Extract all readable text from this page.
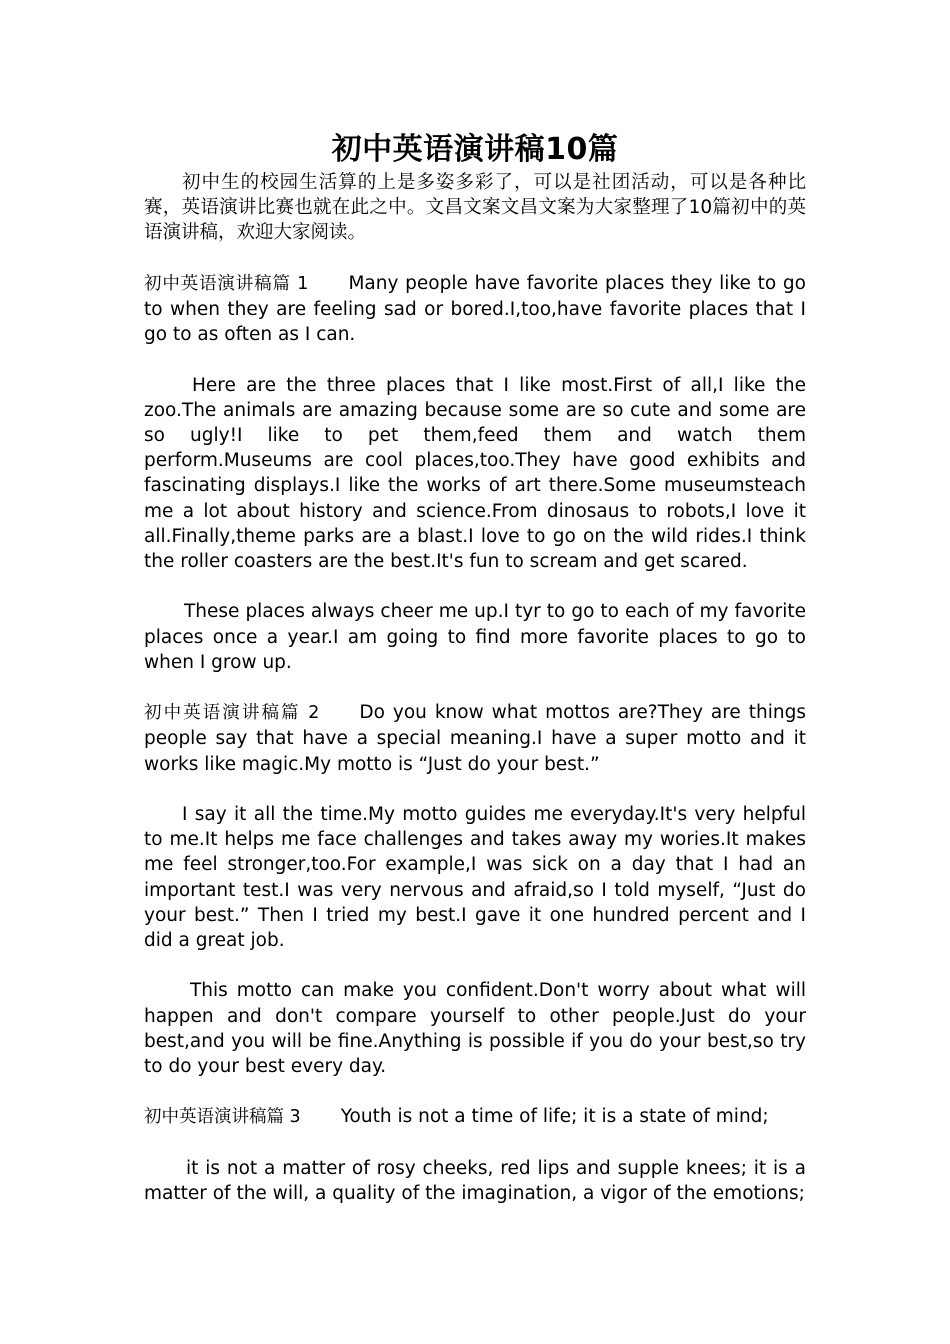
初中英语演讲稿10篇

初中生的校园生活算的上是多姿多彩了，可以是社团活动，可以是各种比赛，英语演讲比赛也就在此之中。文昌文案文昌文案为大家整理了10篇初中的英语演讲稿，欢迎大家阅读。

初中英语演讲稿篇 1 Many people have favorite places they like to go to when they are feeling sad or bored.I,too,have favorite places that I go to as often as I can.

Here are the three places that I like most.First of all,I like the zoo.The animals are amazing because some are so cute and some are so ugly!I like to pet them,feed them and watch them perform.Museums are cool places,too.They have good exhibits and fascinating displays.I like the works of art there.Some museumsteach me a lot about history and science.From dinosaus to robots,I love it all.Finally,theme parks are a blast.I love to go on the wild rides.I think the roller coasters are the best.It's fun to scream and get scared.

These places always cheer me up.I tyr to go to each of my favorite places once a year.I am going to find more favorite places to go to when I grow up.

初中英语演讲稿篇 2 Do you know what mottos are?They are things people say that have a special meaning.I have a super motto and it works like magic.My motto is “Just do your best.”

I say it all the time.My motto guides me everyday.It's very helpful to me.It helps me face challenges and takes away my wories.It makes me feel stronger,too.For example,I was sick on a day that I had an important test.I was very nervous and afraid,so I told myself, “Just do your best.” Then I tried my best.I gave it one hundred percent and I did a great job.

This motto can make you confident.Don't worry about what will happen and don't compare yourself to other people.Just do your best,and you will be fine.Anything is possible if you do your best,so try to do your best every day.

初中英语演讲稿篇 3 Youth is not a time of life; it is a state of mind;

it is not a matter of rosy cheeks, red lips and supple knees; it is a matter of the will, a quality of the imagination, a vigor of the emotions;
